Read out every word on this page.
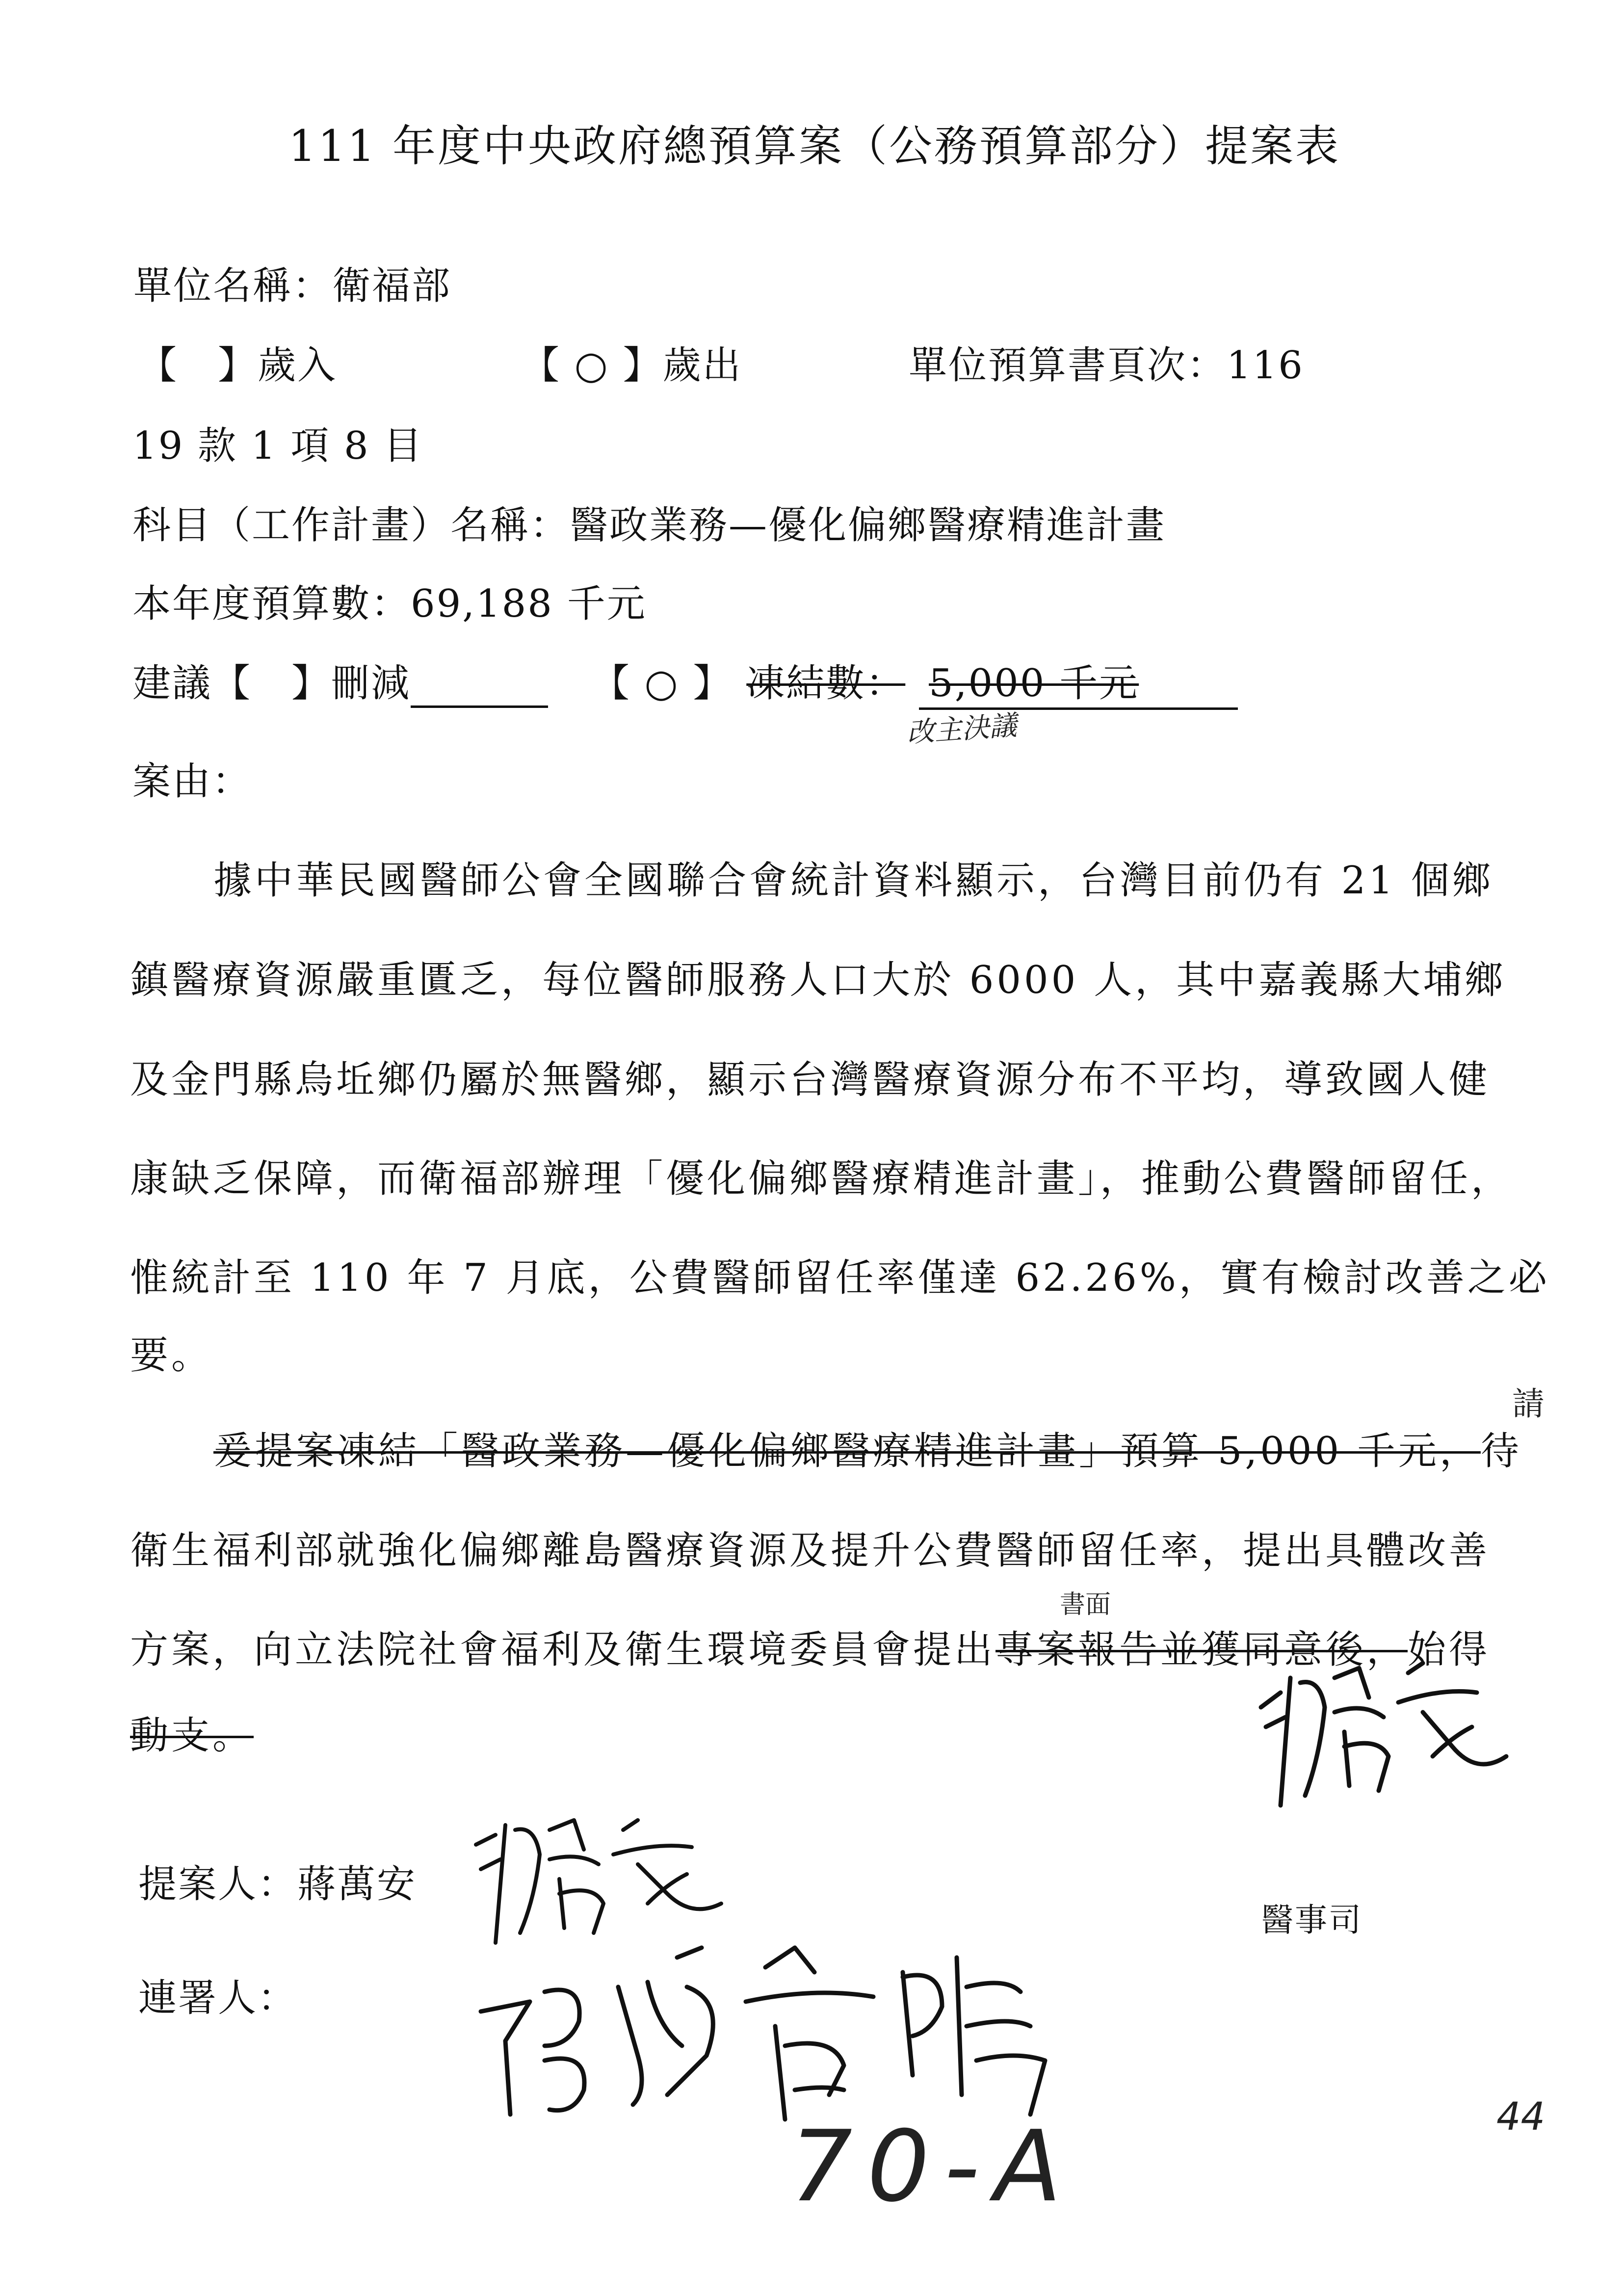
111 年度中央政府總預算案（公務預算部分）提案表
單位名稱：衛福部
【　】歲入	【 ○ 】歲出	單位預算書頁次：116
19 款 1 項 8 目
科目（工作計畫）名稱：醫政業務—優化偏鄉醫療精進計畫
本年度預算數：69,188 千元
建議【　】刪減	【 ○ 】 凍結數： 5,000 千元
改主決議
案由：
據中華民國醫師公會全國聯合會統計資料顯示，台灣目前仍有 21 個鄉
鎮醫療資源嚴重匱乏，每位醫師服務人口大於 6000 人，其中嘉義縣大埔鄉
及金門縣烏坵鄉仍屬於無醫鄉，顯示台灣醫療資源分布不平均，導致國人健
康缺乏保障，而衛福部辦理「優化偏鄉醫療精進計畫」，推動公費醫師留任，
惟統計至 110 年 7 月底，公費醫師留任率僅達 62.26%，實有檢討改善之必
要。
爰提案凍結「醫政業務—優化偏鄉醫療精進計畫」預算 5,000 千元，待
請
衛生福利部就強化偏鄉離島醫療資源及提升公費醫師留任率，提出具體改善
方案，向立法院社會福利及衛生環境委員會提出專案報告並獲同意後，始得
書面
動支。
提案人：蔣萬安
醫事司
連署人：
70-A	44
